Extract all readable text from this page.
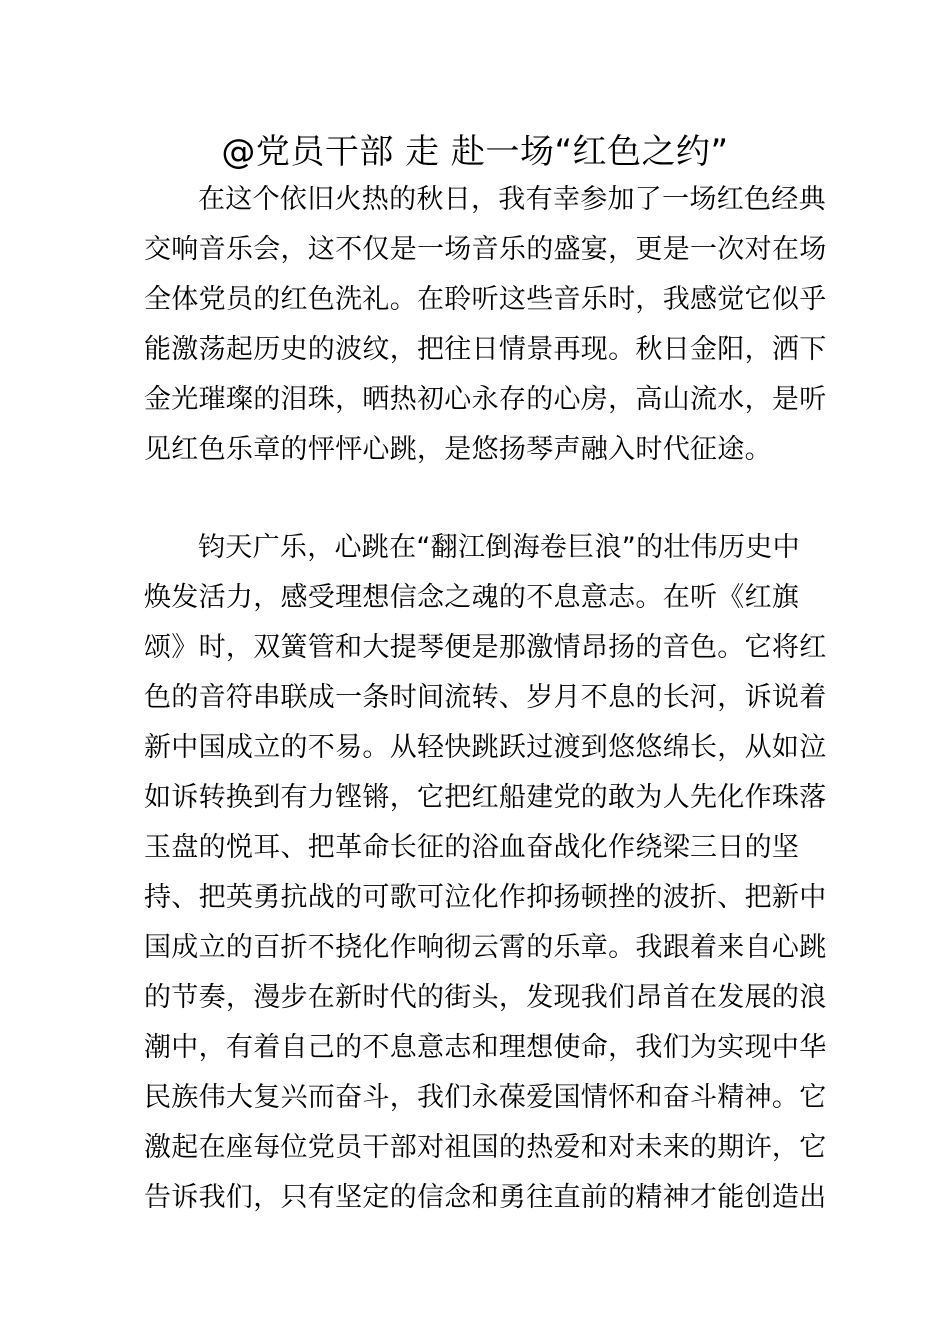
@党员干部 走 赴一场“红色之约”

在这个依旧火热的秋日，我有幸参加了一场红色经典
交响音乐会，这不仅是一场音乐的盛宴，更是一次对在场
全体党员的红色洗礼。在聆听这些音乐时，我感觉它似乎
能激荡起历史的波纹，把往日情景再现。秋日金阳，洒下
金光璀璨的泪珠，晒热初心永存的心房，高山流水，是听
见红色乐章的怦怦心跳，是悠扬琴声融入时代征途。

钧天广乐，心跳在“翻江倒海卷巨浪”的壮伟历史中
焕发活力，感受理想信念之魂的不息意志。在听《红旗
颂》时，双簧管和大提琴便是那激情昂扬的音色。它将红
色的音符串联成一条时间流转、岁月不息的长河，诉说着
新中国成立的不易。从轻快跳跃过渡到悠悠绵长，从如泣
如诉转换到有力铿锵，它把红船建党的敢为人先化作珠落
玉盘的悦耳、把革命长征的浴血奋战化作绕梁三日的坚
持、把英勇抗战的可歌可泣化作抑扬顿挫的波折、把新中
国成立的百折不挠化作响彻云霄的乐章。我跟着来自心跳
的节奏，漫步在新时代的街头，发现我们昂首在发展的浪
潮中，有着自己的不息意志和理想使命，我们为实现中华
民族伟大复兴而奋斗，我们永葆爱国情怀和奋斗精神。它
激起在座每位党员干部对祖国的热爱和对未来的期许，它
告诉我们，只有坚定的信念和勇往直前的精神才能创造出
